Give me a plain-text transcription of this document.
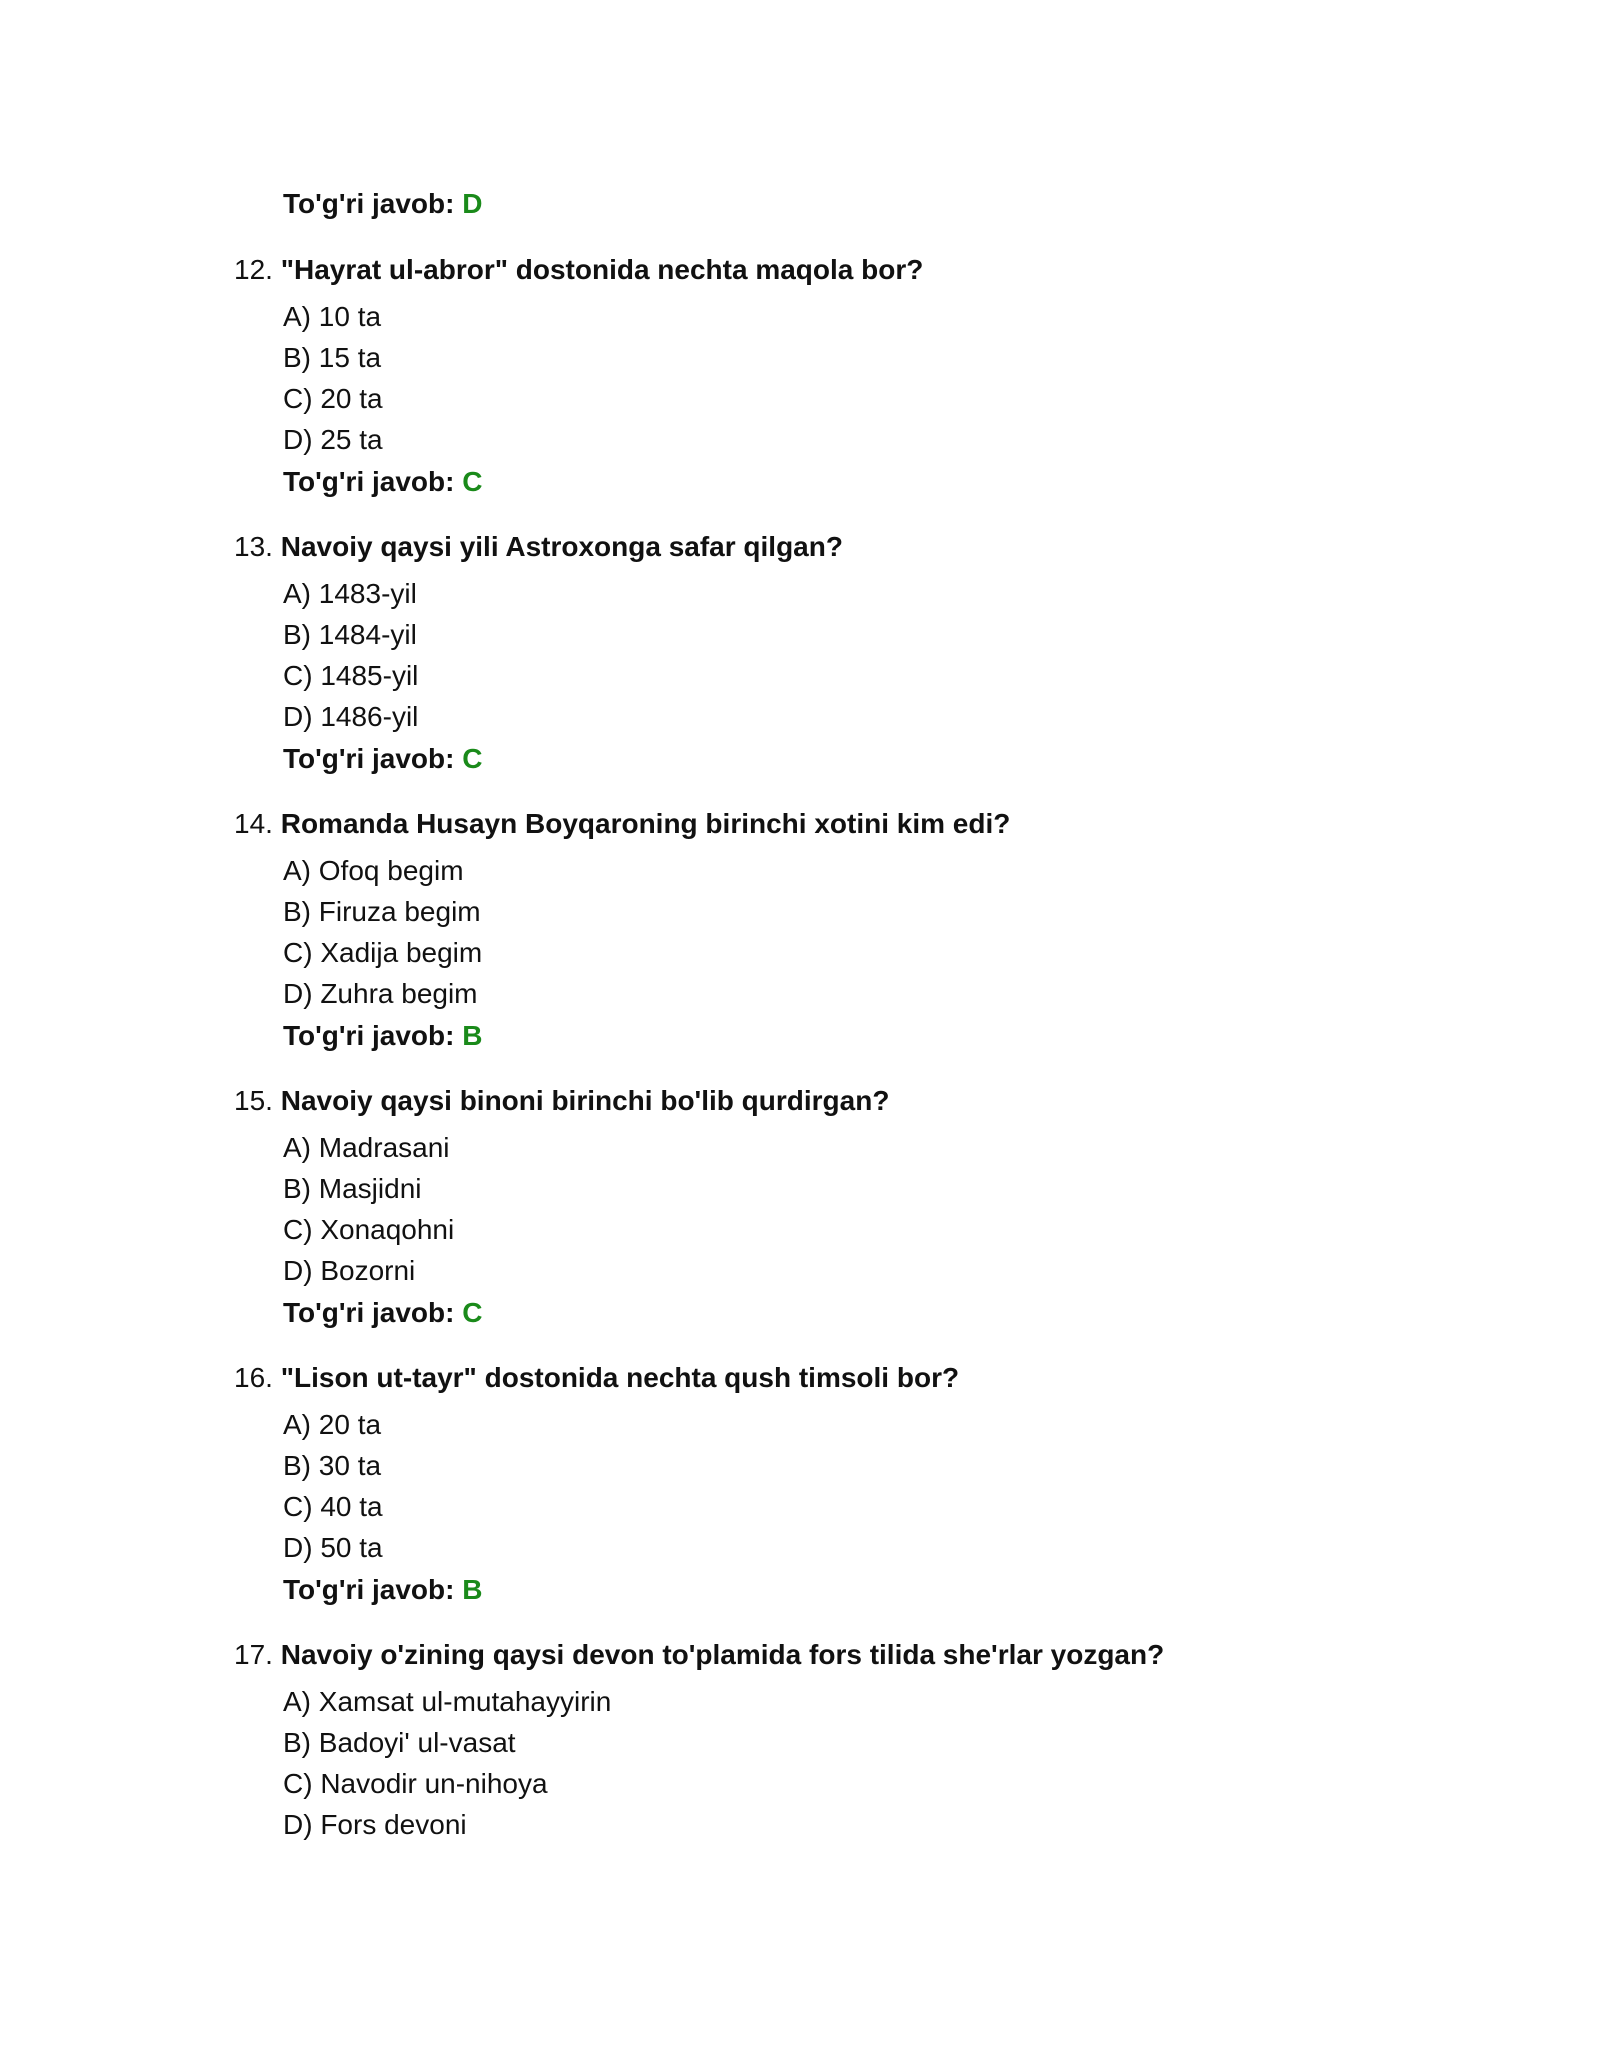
To'g'ri javob: D
12. "Hayrat ul-abror" dostonida nechta maqola bor?
A) 10 ta
B) 15 ta
C) 20 ta
D) 25 ta
To'g'ri javob: C
13. Navoiy qaysi yili Astroxonga safar qilgan?
A) 1483-yil
B) 1484-yil
C) 1485-yil
D) 1486-yil
To'g'ri javob: C
14. Romanda Husayn Boyqaroning birinchi xotini kim edi?
A) Ofoq begim
B) Firuza begim
C) Xadija begim
D) Zuhra begim
To'g'ri javob: B
15. Navoiy qaysi binoni birinchi bo'lib qurdirgan?
A) Madrasani
B) Masjidni
C) Xonaqohni
D) Bozorni
To'g'ri javob: C
16. "Lison ut-tayr" dostonida nechta qush timsoli bor?
A) 20 ta
B) 30 ta
C) 40 ta
D) 50 ta
To'g'ri javob: B
17. Navoiy o'zining qaysi devon to'plamida fors tilida she'rlar yozgan?
A) Xamsat ul-mutahayyirin
B) Badoyi' ul-vasat
C) Navodir un-nihoya
D) Fors devoni
